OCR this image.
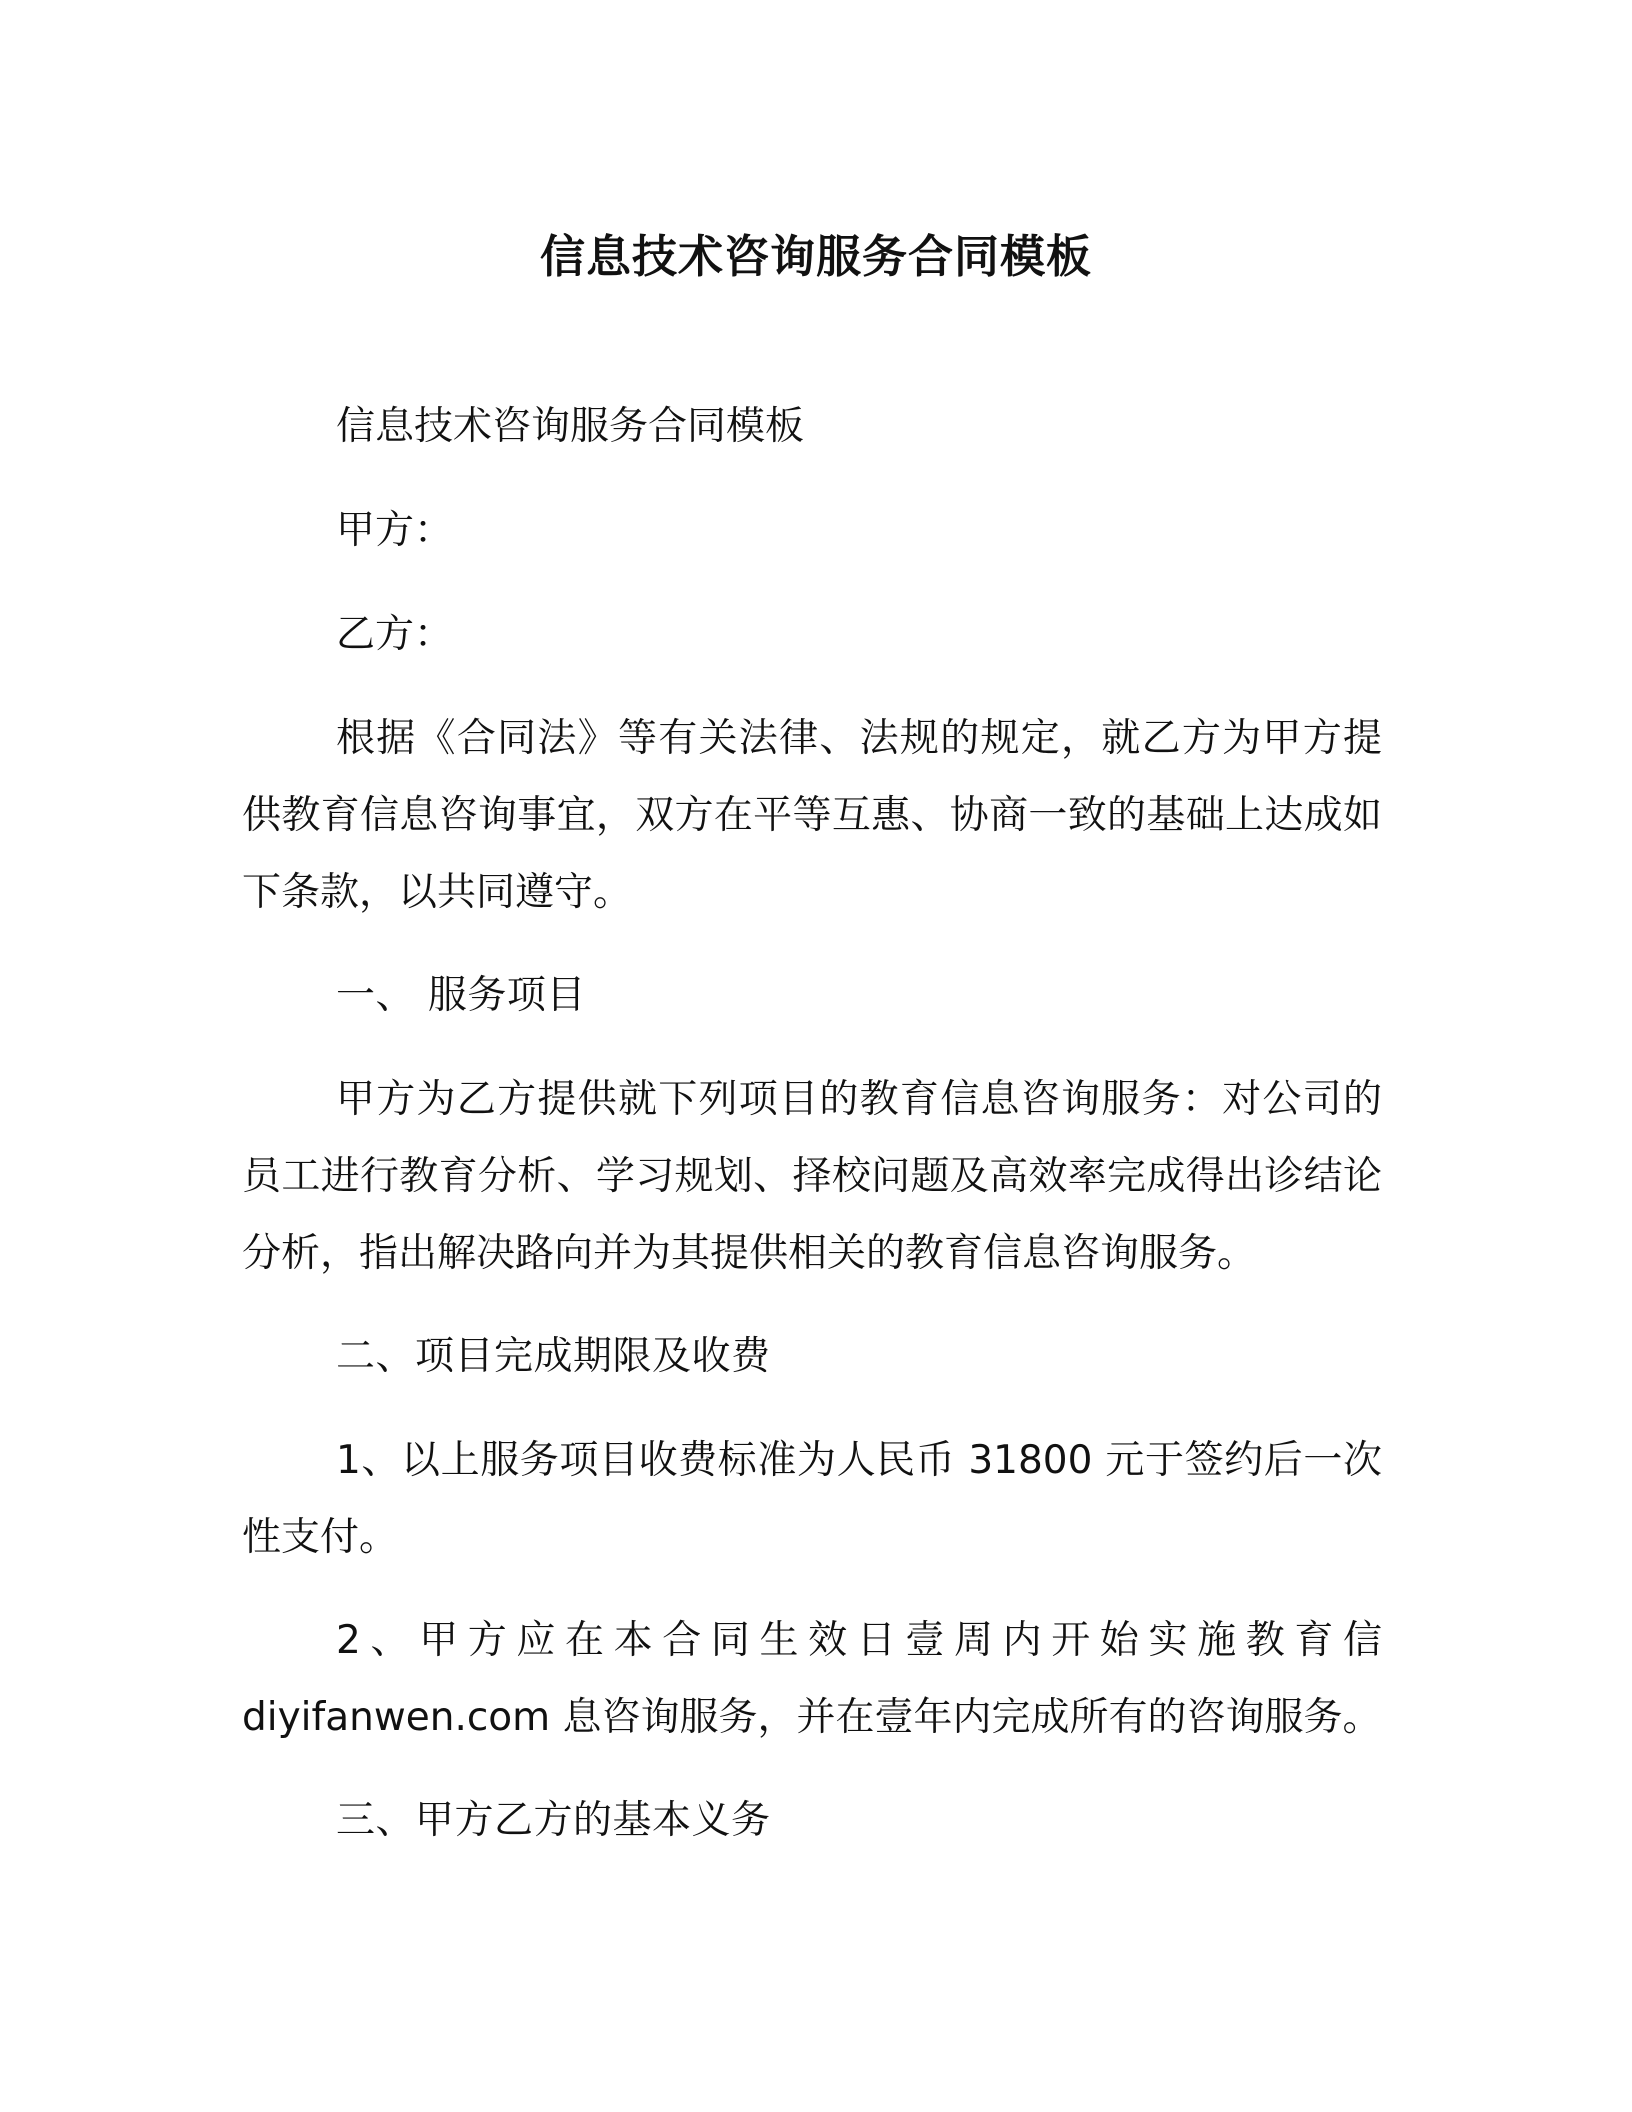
信息技术咨询服务合同模板

信息技术咨询服务合同模板

甲方：

乙方：

根据《合同法》等有关法律、法规的规定，就乙方为甲方提供教育信息咨询事宜，双方在平等互惠、协商一致的基础上达成如下条款，以共同遵守。

一、 服务项目

甲方为乙方提供就下列项目的教育信息咨询服务：对公司的员工进行教育分析、学习规划、择校问题及高效率完成得出诊结论分析，指出解决路向并为其提供相关的教育信息咨询服务。

二、项目完成期限及收费

1、以上服务项目收费标准为人民币 31800 元于签约后一次性支付。

2、甲方应在本合同生效日壹周内开始实施教育信 diyifanwen.com 息咨询服务，并在壹年内完成所有的咨询服务。

三、甲方乙方的基本义务
